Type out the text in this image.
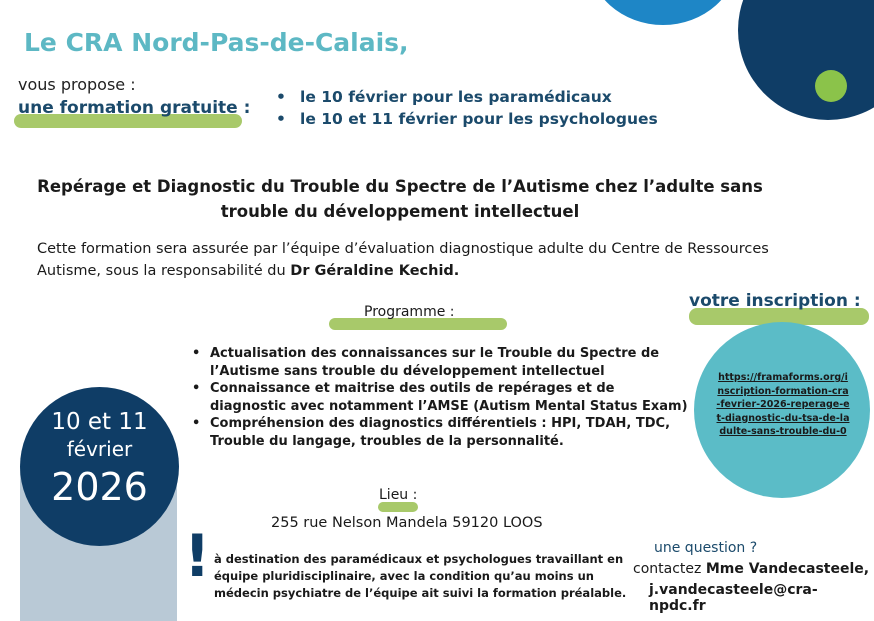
Le CRA Nord-Pas-de-Calais,
vous propose :
une formation gratuite :
• le 10 février pour les paramédicaux
• le 10 et 11 février pour les psychologues
Repérage et Diagnostic du Trouble du Spectre de l’Autisme chez l’adulte sans trouble du développement intellectuel
Cette formation sera assurée par l’équipe d’évaluation diagnostique adulte du Centre de Ressources Autisme, sous la responsabilité du Dr Géraldine Kechid.
Programme :
votre inscription :
• Actualisation des connaissances sur le Trouble du Spectre de l’Autisme sans trouble du développement intellectuel
• Connaissance et maitrise des outils de repérages et de diagnostic avec notamment l’AMSE (Autism Mental Status Exam)
• Compréhension des diagnostics différentiels : HPI, TDAH, TDC, Trouble du langage, troubles de la personnalité.
10 et 11
février
2026
https://framaforms.org/inscription-formation-cra-fevrier-2026-reperage-et-diagnostic-du-tsa-de-ladulte-sans-trouble-du-0
Lieu :
255 rue Nelson Mandela 59120 LOOS
! à destination des paramédicaux et psychologues travaillant en équipe pluridisciplinaire, avec la condition qu’au moins un médecin psychiatre de l’équipe ait suivi la formation préalable.
une question ?
contactez Mme Vandecasteele,
j.vandecasteele@cra-npdc.fr
